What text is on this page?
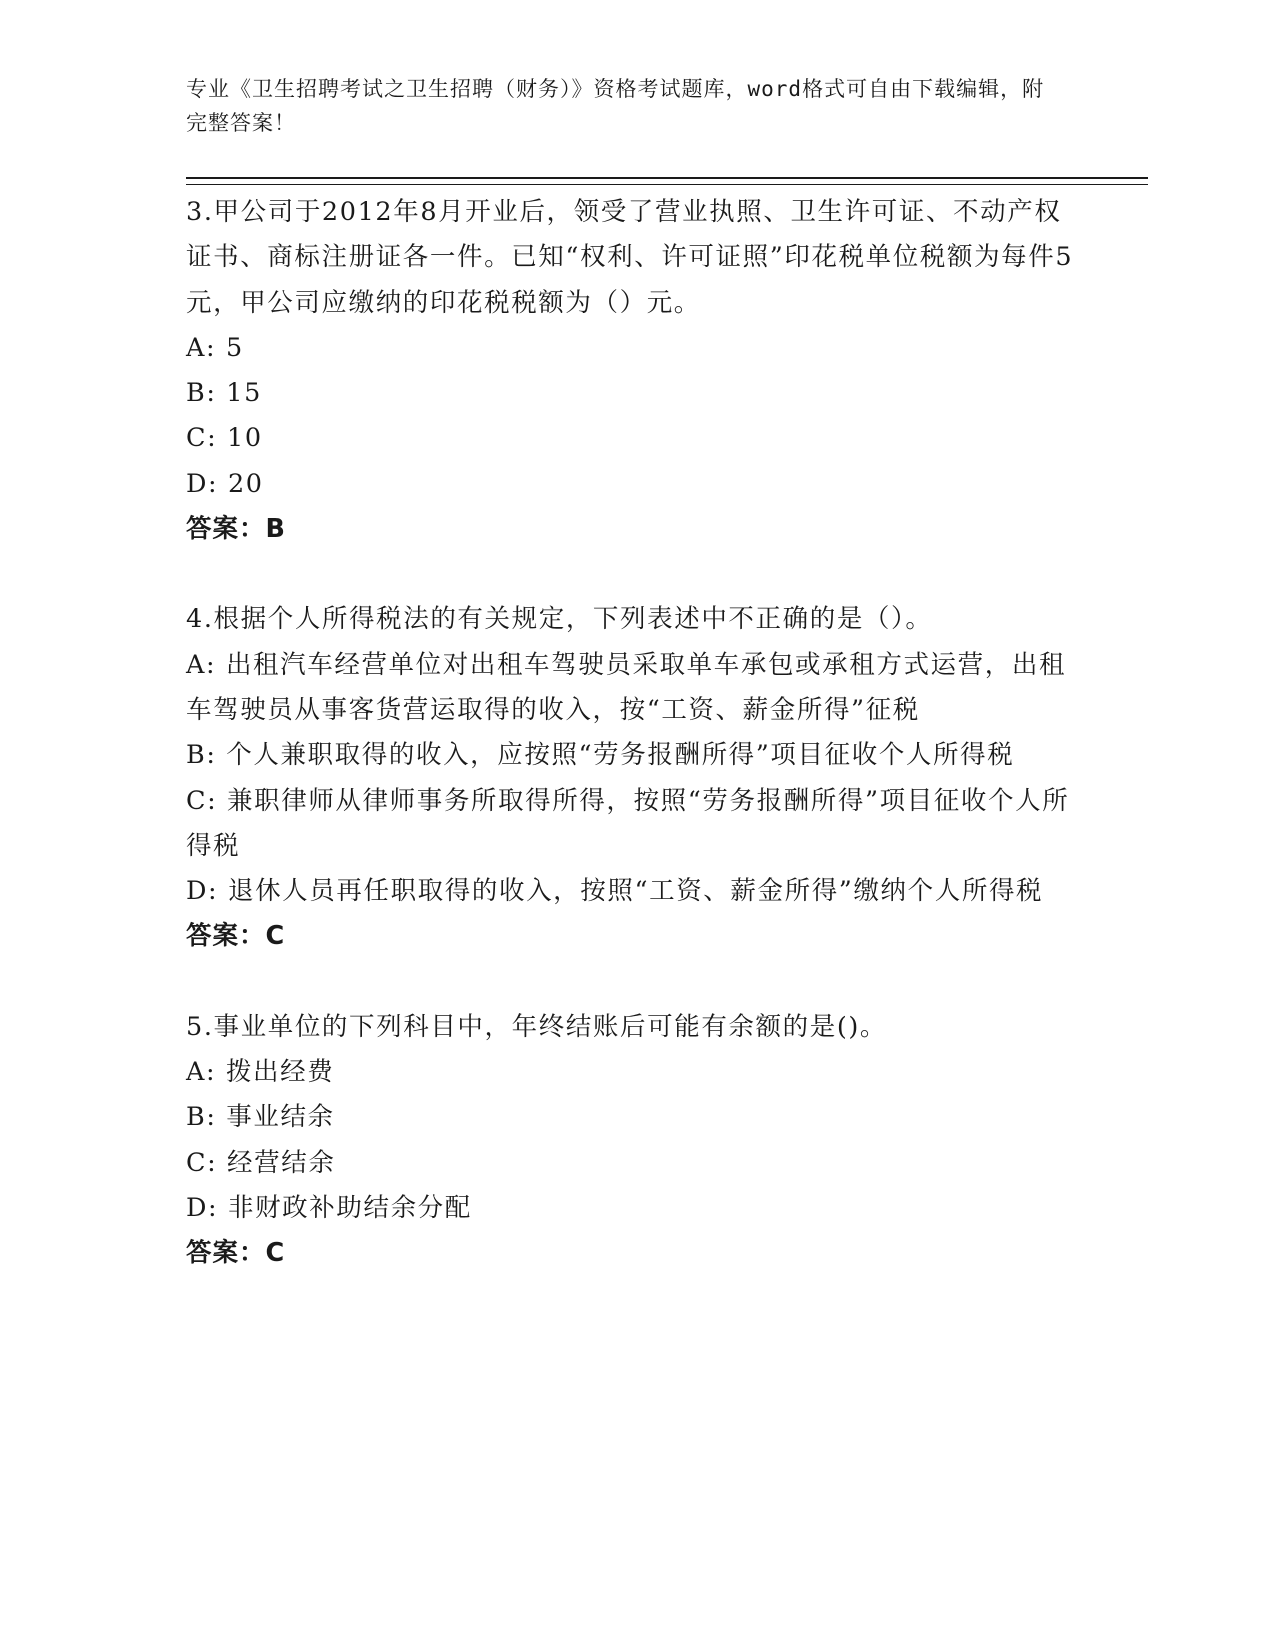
专业《卫生招聘考试之卫生招聘（财务）》资格考试题库，word格式可自由下载编辑，附完整答案！

3.甲公司于2012年8月开业后，领受了营业执照、卫生许可证、不动产权证书、商标注册证各一件。已知“权利、许可证照”印花税单位税额为每件5元，甲公司应缴纳的印花税税额为（）元。

A: 5

B: 15

C: 10

D: 20

答案：B

4.根据个人所得税法的有关规定，下列表述中不正确的是（）。

A: 出租汽车经营单位对出租车驾驶员采取单车承包或承租方式运营，出租车驾驶员从事客货营运取得的收入，按“工资、薪金所得”征税

B: 个人兼职取得的收入，应按照“劳务报酬所得”项目征收个人所得税

C: 兼职律师从律师事务所取得所得，按照“劳务报酬所得”项目征收个人所得税

D: 退休人员再任职取得的收入，按照“工资、薪金所得”缴纳个人所得税

答案：C

5.事业单位的下列科目中，年终结账后可能有余额的是()。

A: 拨出经费

B: 事业结余

C: 经营结余

D: 非财政补助结余分配

答案：C
